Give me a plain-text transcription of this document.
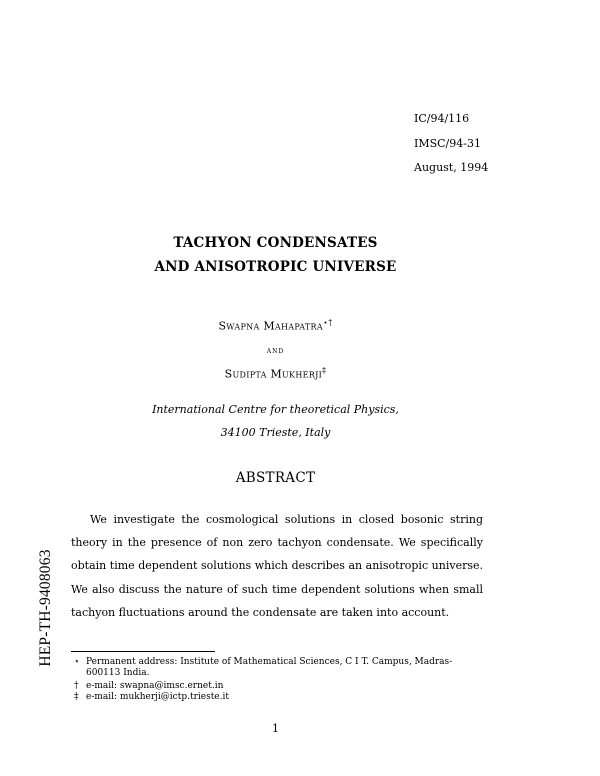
IC/94/116
IMSC/94-31
August, 1994
TACHYON CONDENSATES
AND ANISOTROPIC UNIVERSE
Swapna Mahapatra⋆†
and
Sudipta Mukherji‡
International Centre for theoretical Physics,
34100 Trieste, Italy
ABSTRACT

We investigate the cosmological solutions in closed bosonic string theory in the presence of non zero tachyon condensate. We specifically obtain time dependent solutions which describes an anisotropic universe. We also discuss the nature of such time dependent solutions when small tachyon fluctuations around the condensate are taken into account.

⋆ Permanent address: Institute of Mathematical Sciences, C I T. Campus, Madras-600113 India.
† e-mail: swapna@imsc.ernet.in
‡ e-mail: mukherji@ictp.trieste.it
1
HEP-TH-9408063
